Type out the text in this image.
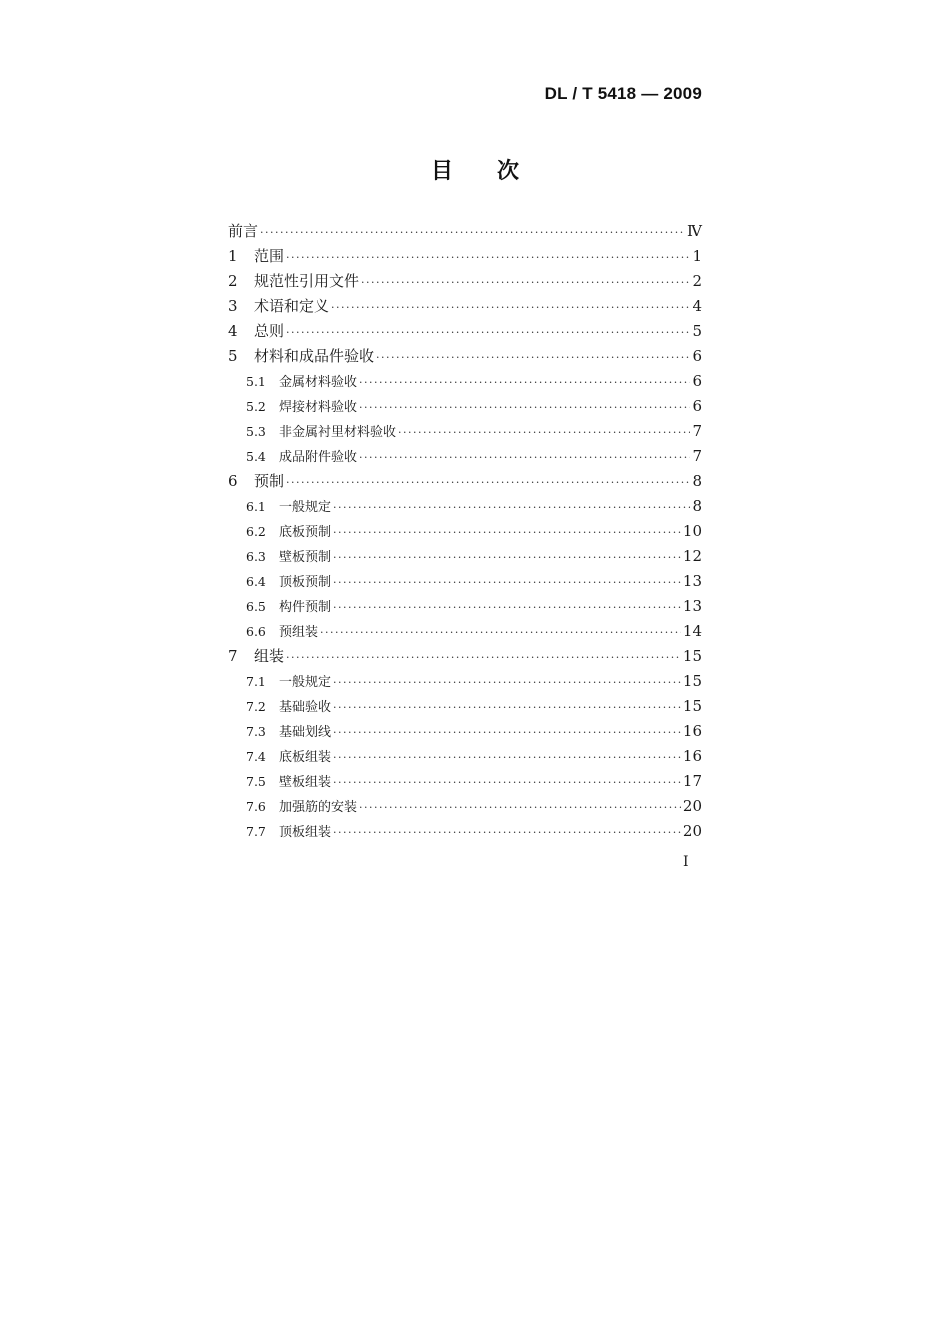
DL / T 5418 — 2009
目次
前言 ·····	Ⅳ
1	范围 ·····	1
2	规范性引用文件 ·····	2
3	术语和定义 ·····	4
4	总则 ·····	5
5	材料和成品件验收 ·····	6
5.1	金属材料验收 ·····	6
5.2	焊接材料验收 ·····	6
5.3	非金属衬里材料验收 ·····	7
5.4	成品附件验收 ·····	7
6	预制 ·····	8
6.1	一般规定 ·····	8
6.2	底板预制 ·····	10
6.3	壁板预制 ·····	12
6.4	顶板预制 ·····	13
6.5	构件预制 ·····	13
6.6	预组装 ·····	14
7	组装 ·····	15
7.1	一般规定 ·····	15
7.2	基础验收 ·····	15
7.3	基础划线 ·····	16
7.4	底板组装 ·····	16
7.5	壁板组装 ·····	17
7.6	加强筋的安装 ·····	20
7.7	顶板组装 ·····	20
I
